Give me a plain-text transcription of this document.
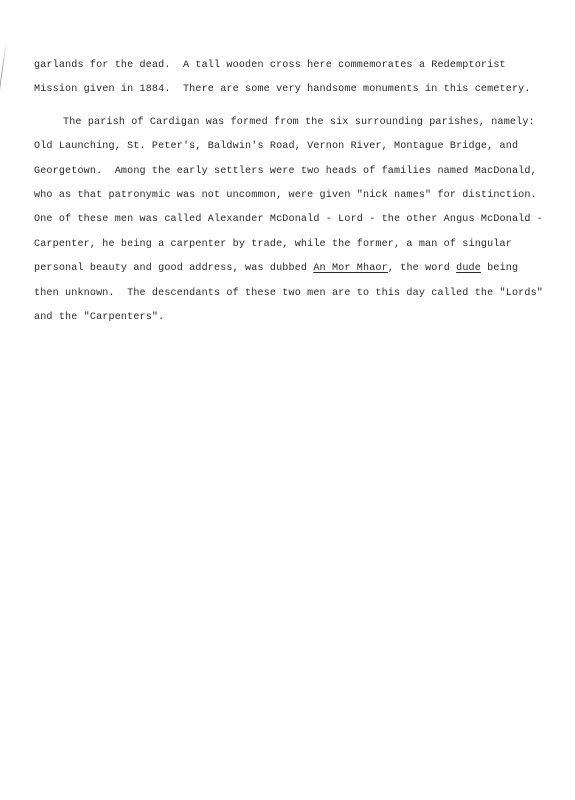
garlands for the dead.  A tall wooden cross here commemorates a Redemptorist
Mission given in 1884.  There are some very handsome monuments in this cemetery.
The parish of Cardigan was formed from the six surrounding parishes, namely:
Old Launching, St. Peter's, Baldwin's Road, Vernon River, Montague Bridge, and
Georgetown.  Among the early settlers were two heads of families named MacDonald,
who as that patronymic was not uncommon, were given "nick names" for distinction.
One of these men was called Alexander McDonald - Lord - the other Angus McDonald -
Carpenter, he being a carpenter by trade, while the former, a man of singular
personal beauty and good address, was dubbed An Mor Mhaor, the word dude being
then unknown.  The descendants of these two men are to this day called the "Lords"
and the "Carpenters".
